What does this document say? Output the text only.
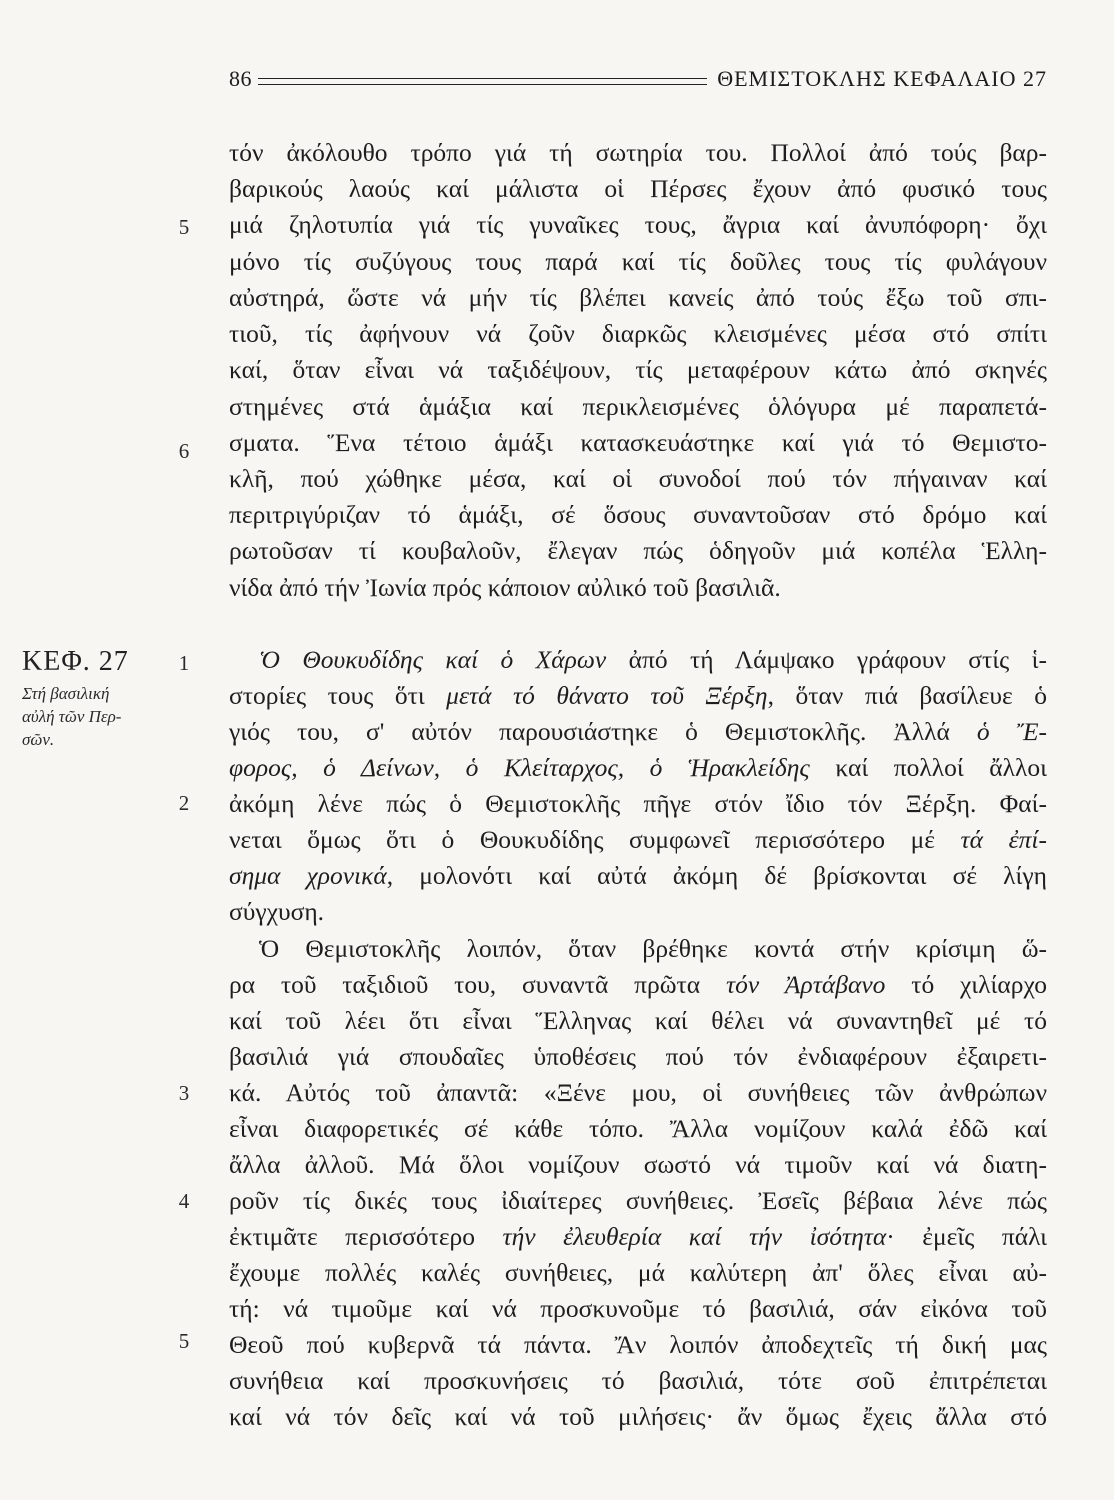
86	ΘΕΜΙΣΤΟΚΛΗΣ ΚΕΦΑΛΑΙΟ 27
5
6
1
2
3
4
5
ΚΕΦ. 27
Στή βασιλική
αὐλή τῶν Περ-
σῶν.
τόν ἀκόλουθο τρόπο γιά τή σωτηρία του. Πολλοί ἀπό τούς βαρ-
βαρικούς λαούς καί μάλιστα οἱ Πέρσες ἔχουν ἀπό φυσικό τους
μιά ζηλοτυπία γιά τίς γυναῖκες τους, ἄγρια καί ἀνυπόφορη· ὄχι
μόνο τίς συζύγους τους παρά καί τίς δοῦλες τους τίς φυλάγουν
αὐστηρά, ὥστε νά μήν τίς βλέπει κανείς ἀπό τούς ἔξω τοῦ σπι-
τιοῦ, τίς ἀφήνουν νά ζοῦν διαρκῶς κλεισμένες μέσα στό σπίτι
καί, ὅταν εἶναι νά ταξιδέψουν, τίς μεταφέρουν κάτω ἀπό σκηνές
στημένες στά ἁμάξια καί περικλεισμένες ὁλόγυρα μέ παραπετά-
σματα. Ἕνα τέτοιο ἁμάξι κατασκευάστηκε καί γιά τό Θεμιστο-
κλῆ, πού χώθηκε μέσα, καί οἱ συνοδοί πού τόν πήγαιναν καί
περιτριγύριζαν τό ἁμάξι, σέ ὅσους συναντοῦσαν στό δρόμο καί
ρωτοῦσαν τί κουβαλοῦν, ἔλεγαν πώς ὁδηγοῦν μιά κοπέλα Ἑλλη-
νίδα ἀπό τήν Ἰωνία πρός κάποιον αὐλικό τοῦ βασιλιᾶ.
Ὁ Θουκυδίδης καί ὁ Χάρων ἀπό τή Λάμψακο γράφουν στίς ἱ-
στορίες τους ὅτι μετά τό θάνατο τοῦ Ξέρξη, ὅταν πιά βασίλευε ὁ
γιός του, σ' αὐτόν παρουσιάστηκε ὁ Θεμιστοκλῆς. Ἀλλά ὁ Ἔ-
φορος, ὁ Δείνων, ὁ Κλείταρχος, ὁ Ἡρακλείδης καί πολλοί ἄλλοι
ἀκόμη λένε πώς ὁ Θεμιστοκλῆς πῆγε στόν ἴδιο τόν Ξέρξη. Φαί-
νεται ὅμως ὅτι ὁ Θουκυδίδης συμφωνεῖ περισσότερο μέ τά ἐπί-
σημα χρονικά, μολονότι καί αὐτά ἀκόμη δέ βρίσκονται σέ λίγη
σύγχυση.
Ὁ Θεμιστοκλῆς λοιπόν, ὅταν βρέθηκε κοντά στήν κρίσιμη ὥ-
ρα τοῦ ταξιδιοῦ του, συναντᾶ πρῶτα τόν Ἀρτάβανο τό χιλίαρχο
καί τοῦ λέει ὅτι εἶναι Ἕλληνας καί θέλει νά συναντηθεῖ μέ τό
βασιλιά γιά σπουδαῖες ὑποθέσεις πού τόν ἐνδιαφέρουν ἐξαιρετι-
κά. Αὐτός τοῦ ἀπαντᾶ: «Ξένε μου, οἱ συνήθειες τῶν ἀνθρώπων
εἶναι διαφορετικές σέ κάθε τόπο. Ἄλλα νομίζουν καλά ἐδῶ καί
ἄλλα ἀλλοῦ. Μά ὅλοι νομίζουν σωστό νά τιμοῦν καί νά διατη-
ροῦν τίς δικές τους ἰδιαίτερες συνήθειες. Ἐσεῖς βέβαια λένε πώς
ἐκτιμᾶτε περισσότερο τήν ἐλευθερία καί τήν ἰσότητα· ἐμεῖς πάλι
ἔχουμε πολλές καλές συνήθειες, μά καλύτερη ἀπ' ὅλες εἶναι αὐ-
τή: νά τιμοῦμε καί νά προσκυνοῦμε τό βασιλιά, σάν εἰκόνα τοῦ
Θεοῦ πού κυβερνᾶ τά πάντα. Ἄν λοιπόν ἀποδεχτεῖς τή δική μας
συνήθεια καί προσκυνήσεις τό βασιλιά, τότε σοῦ ἐπιτρέπεται
καί νά τόν δεῖς καί νά τοῦ μιλήσεις· ἄν ὅμως ἔχεις ἄλλα στό
